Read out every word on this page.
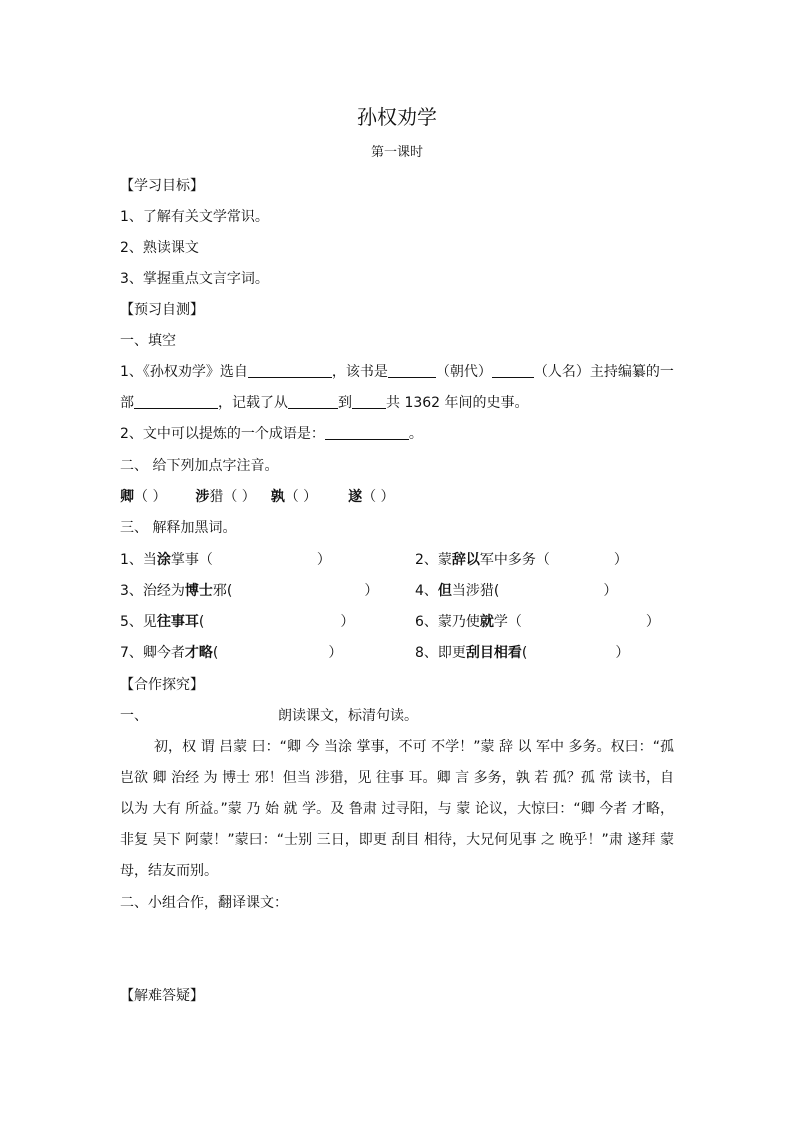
孙权劝学
第一课时
【学习目标】
1、了解有关文学常识。
2、熟读课文
3、掌握重点文言字词。
【预习自测】
一、填空
1、《孙权劝学》选自	，该书是	（朝代）	（人名）主持编纂的一
部	，记载了从	到 共 1362 年间的史事。
2、文中可以提炼的一个成语是：	。
二、 给下列加点字注音。
卿（ ） 涉猎（ ） 孰（ ） 遂（ ）
三、 解释加黑词。
1、当涂掌事（	）	2、蒙辞以军中多务（	）
3、治经为博士邪(	）	4、但当涉猎(	）
5、见往事耳(	）	6、蒙乃使就学（	）
7、卿今者才略(	）	8、即更刮目相看(	）
【合作探究】
一、	朗读课文，标清句读。
初，权 谓 吕蒙 曰：“卿 今 当涂 掌事，不可 不学！”蒙 辞 以 军中 多务。权曰：“孤 岂欲 卿 治经 为 博士 邪！但当 涉猎，见 往事 耳。卿 言 多务，孰 若 孤？孤 常 读书，自以为 大有 所益。”蒙 乃 始 就 学。及 鲁肃 过寻阳，与 蒙 论议，大惊曰：“卿 今者 才略，非复 吴下 阿蒙！”蒙曰：“士别 三日，即更 刮目 相待，大兄何见事 之 晚乎！”肃 遂拜 蒙母，结友而别。
二、小组合作，翻译课文：
【解难答疑】
